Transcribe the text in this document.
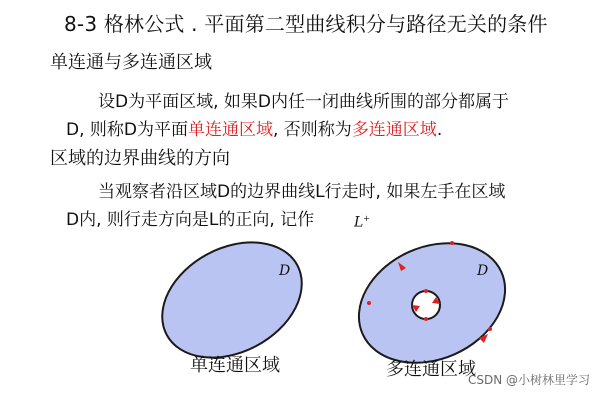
8-3 格林公式 . 平面第二型曲线积分与路径无关的条件
单连通与多连通区域
设D为平面区域, 如果D内任一闭曲线所围的部分都属于
D, 则称D为平面单连通区域, 否则称为多连通区域.
区域的边界曲线的方向
当观察者沿区域D的边界曲线L行走时, 如果左手在区域
D内, 则行走方向是L的正向, 记作	L+
D	D
单连通区域	多连通区域
CSDN @小树林里学习
